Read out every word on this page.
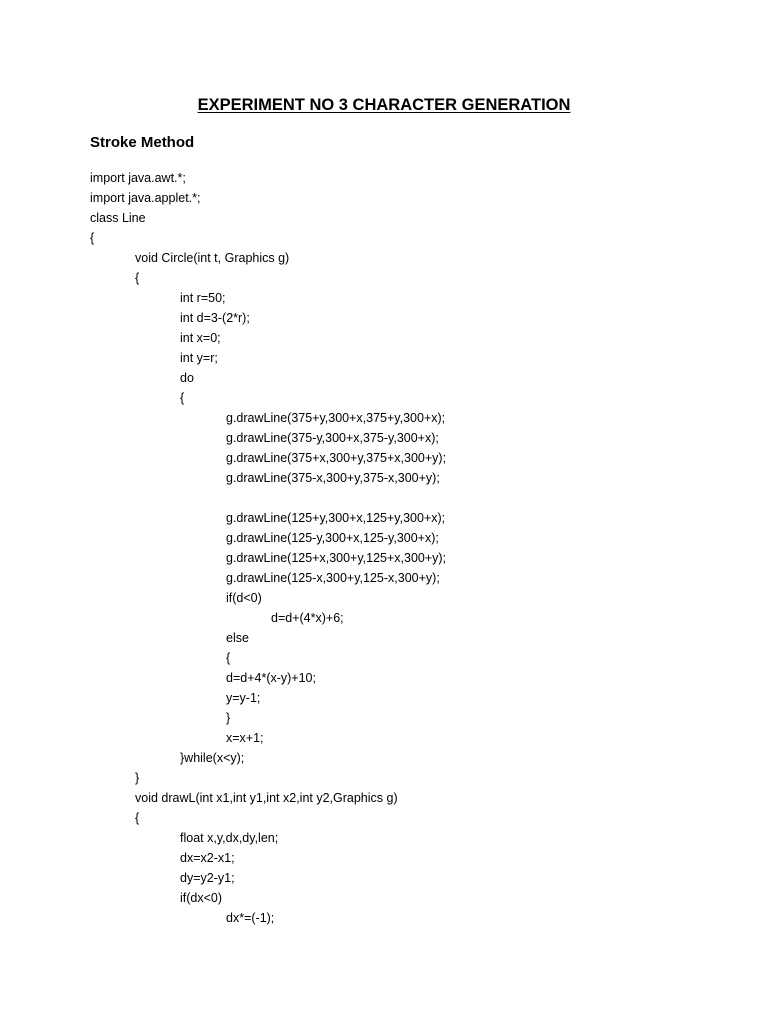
EXPERIMENT NO 3 CHARACTER GENERATION
Stroke Method
import java.awt.*;
import java.applet.*;
class Line
{
void Circle(int t, Graphics g)
{
int r=50;
int d=3-(2*r);
int x=0;
int y=r;
do
{
g.drawLine(375+y,300+x,375+y,300+x);
g.drawLine(375-y,300+x,375-y,300+x);
g.drawLine(375+x,300+y,375+x,300+y);
g.drawLine(375-x,300+y,375-x,300+y);
g.drawLine(125+y,300+x,125+y,300+x);
g.drawLine(125-y,300+x,125-y,300+x);
g.drawLine(125+x,300+y,125+x,300+y);
g.drawLine(125-x,300+y,125-x,300+y);
if(d<0)
d=d+(4*x)+6;
else
{
d=d+4*(x-y)+10;
y=y-1;
}
x=x+1;
}while(x<y);
}
void drawL(int x1,int y1,int x2,int y2,Graphics g)
{
float x,y,dx,dy,len;
dx=x2-x1;
dy=y2-y1;
if(dx<0)
dx*=(-1);
